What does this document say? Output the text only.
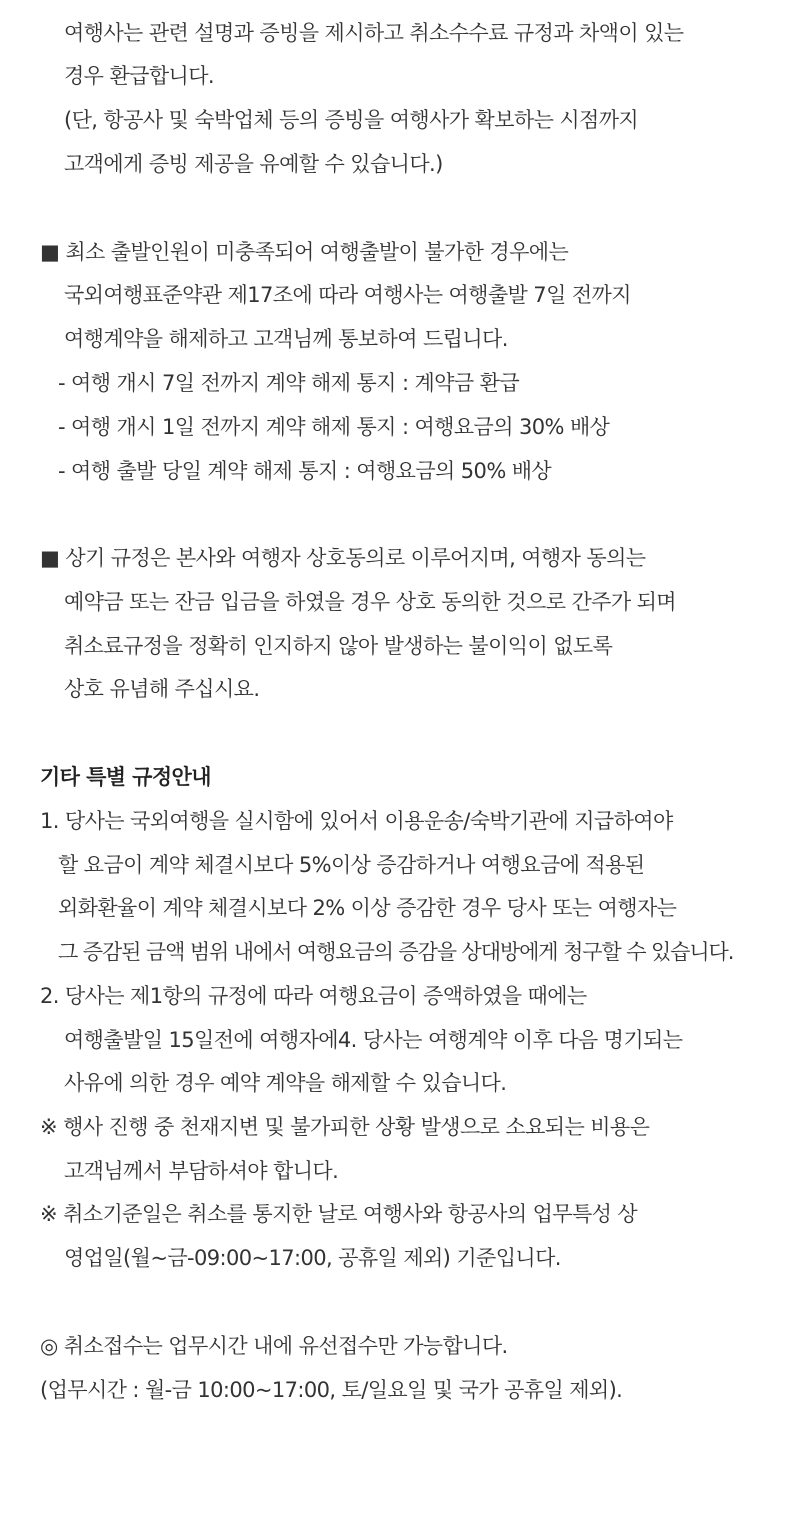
여행사는 관련 설명과 증빙을 제시하고 취소수수료 규정과 차액이 있는
경우 환급합니다.
(단, 항공사 및 숙박업체 등의 증빙을 여행사가 확보하는 시점까지
고객에게 증빙 제공을 유예할 수 있습니다.)
■ 최소 출발인원이 미충족되어 여행출발이 불가한 경우에는
국외여행표준약관 제17조에 따라 여행사는 여행출발 7일 전까지
여행계약을 해제하고 고객님께 통보하여 드립니다.
- 여행 개시 7일 전까지 계약 해제 통지 : 계약금 환급
- 여행 개시 1일 전까지 계약 해제 통지 : 여행요금의 30% 배상
- 여행 출발 당일 계약 해제 통지 : 여행요금의 50% 배상
■ 상기 규정은 본사와 여행자 상호동의로 이루어지며, 여행자 동의는
예약금 또는 잔금 입금을 하였을 경우 상호 동의한 것으로 간주가 되며
취소료규정을 정확히 인지하지 않아 발생하는 불이익이 없도록
상호 유념해 주십시요.
기타 특별 규정안내
1. 당사는 국외여행을 실시함에 있어서 이용운송/숙박기관에 지급하여야
할 요금이 계약 체결시보다 5%이상 증감하거나 여행요금에 적용된
외화환율이 계약 체결시보다 2% 이상 증감한 경우 당사 또는 여행자는
그 증감된 금액 범위 내에서 여행요금의 증감을 상대방에게 청구할 수 있습니다.
2. 당사는 제1항의 규정에 따라 여행요금이 증액하였을 때에는
여행출발일 15일전에 여행자에4. 당사는 여행계약 이후 다음 명기되는
사유에 의한 경우 예약 계약을 해제할 수 있습니다.
※ 행사 진행 중 천재지변 및 불가피한 상황 발생으로 소요되는 비용은
고객님께서 부담하셔야 합니다.
※ 취소기준일은 취소를 통지한 날로 여행사와 항공사의 업무특성 상
영업일(월~금-09:00~17:00, 공휴일 제외) 기준입니다.
◎ 취소접수는 업무시간 내에 유선접수만 가능합니다.
(업무시간 : 월-금 10:00~17:00, 토/일요일 및 국가 공휴일 제외).
